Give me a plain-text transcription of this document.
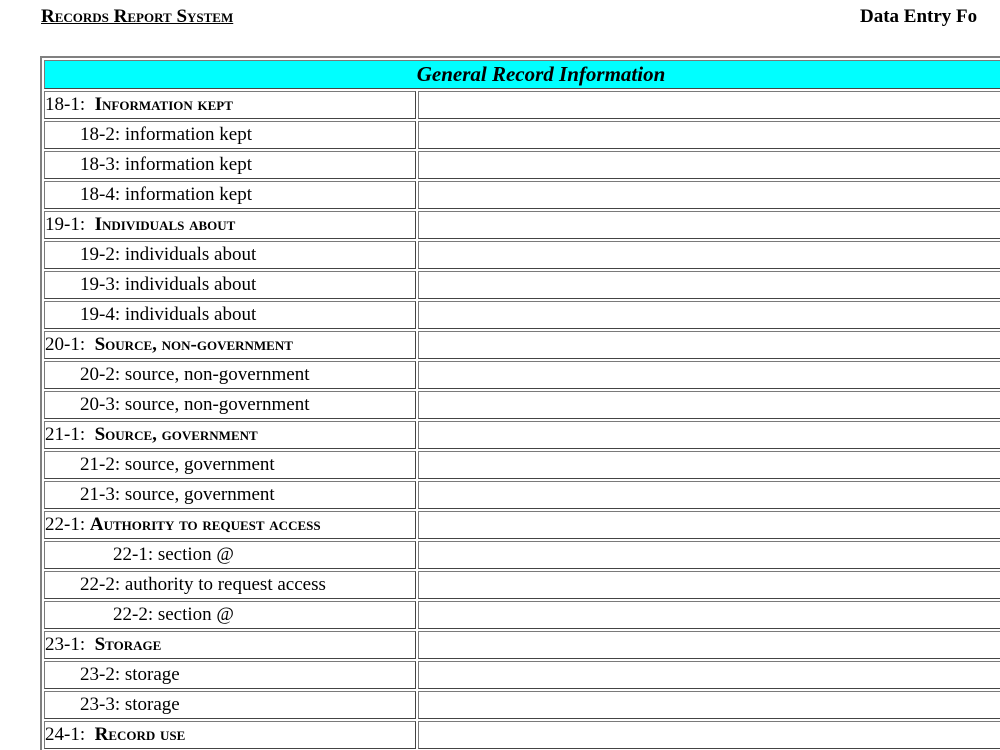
Records Report System	Data Entry Fo
General Record Information	
18-1:  Information kept	
18-2: information kept	
18-3: information kept	
18-4: information kept	
19-1:  Individuals about	
19-2: individuals about	
19-3: individuals about	
19-4: individuals about	
20-1:  Source, non-government	
20-2: source, non-government	
20-3: source, non-government	
21-1:  Source, government	
21-2: source, government	
21-3: source, government	
22-1: Authority to request access	
22-1: section @	
22-2: authority to request access	
22-2: section @	
23-1:  Storage	
23-2: storage	
23-3: storage	
24-1:  Record use	
